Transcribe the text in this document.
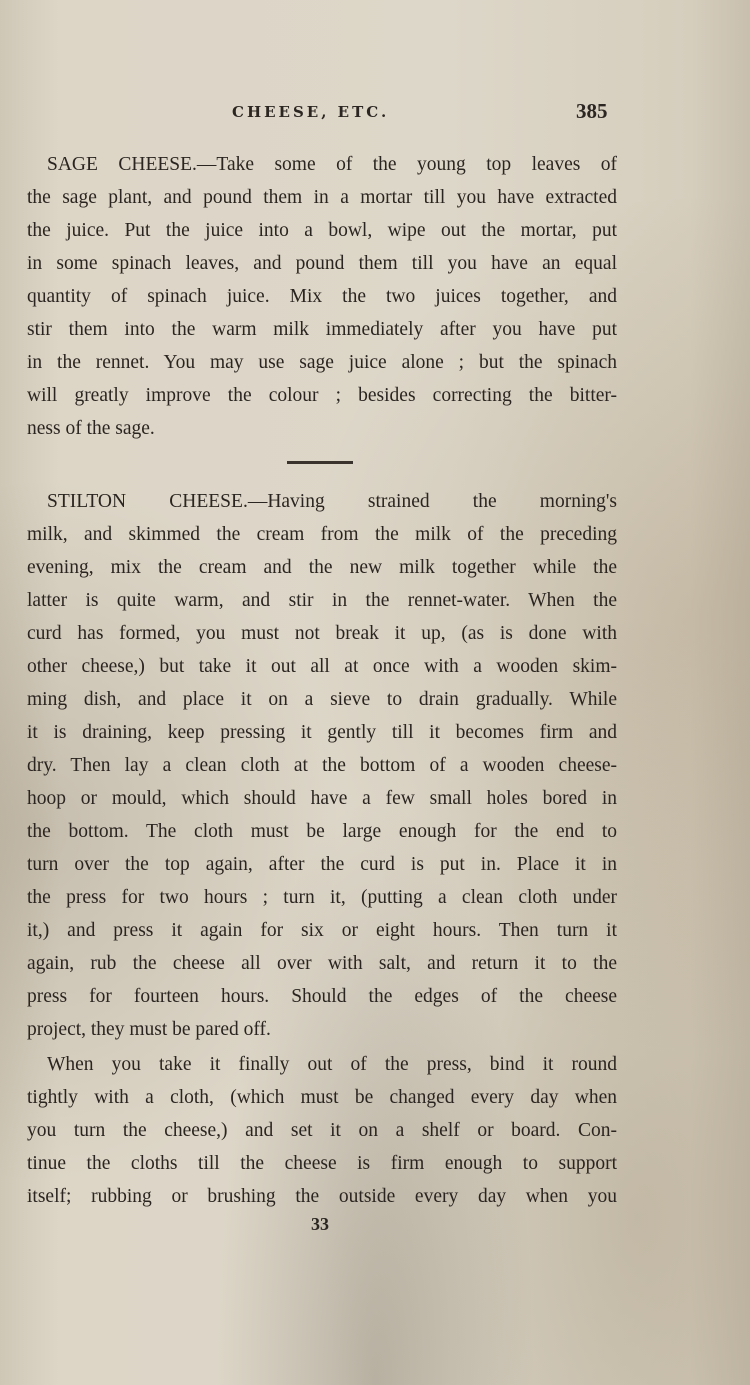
CHEESE, ETC.	385
SAGE CHEESE.—Take some of the young top leaves of
the sage plant, and pound them in a mortar till you have extracted
the juice. Put the juice into a bowl, wipe out the mortar, put
in some spinach leaves, and pound them till you have an equal
quantity of spinach juice. Mix the two juices together, and
stir them into the warm milk immediately after you have put
in the rennet. You may use sage juice alone ; but the spinach
will greatly improve the colour ; besides correcting the bitter-
ness of the sage.
STILTON CHEESE.—Having strained the morning's
milk, and skimmed the cream from the milk of the preceding
evening, mix the cream and the new milk together while the
latter is quite warm, and stir in the rennet-water. When the
curd has formed, you must not break it up, (as is done with
other cheese,) but take it out all at once with a wooden skim-
ming dish, and place it on a sieve to drain gradually. While
it is draining, keep pressing it gently till it becomes firm and
dry. Then lay a clean cloth at the bottom of a wooden cheese-
hoop or mould, which should have a few small holes bored in
the bottom. The cloth must be large enough for the end to
turn over the top again, after the curd is put in. Place it in
the press for two hours ; turn it, (putting a clean cloth under
it,) and press it again for six or eight hours. Then turn it
again, rub the cheese all over with salt, and return it to the
press for fourteen hours. Should the edges of the cheese
project, they must be pared off.
When you take it finally out of the press, bind it round
tightly with a cloth, (which must be changed every day when
you turn the cheese,) and set it on a shelf or board. Con-
tinue the cloths till the cheese is firm enough to support
itself; rubbing or brushing the outside every day when you
33
